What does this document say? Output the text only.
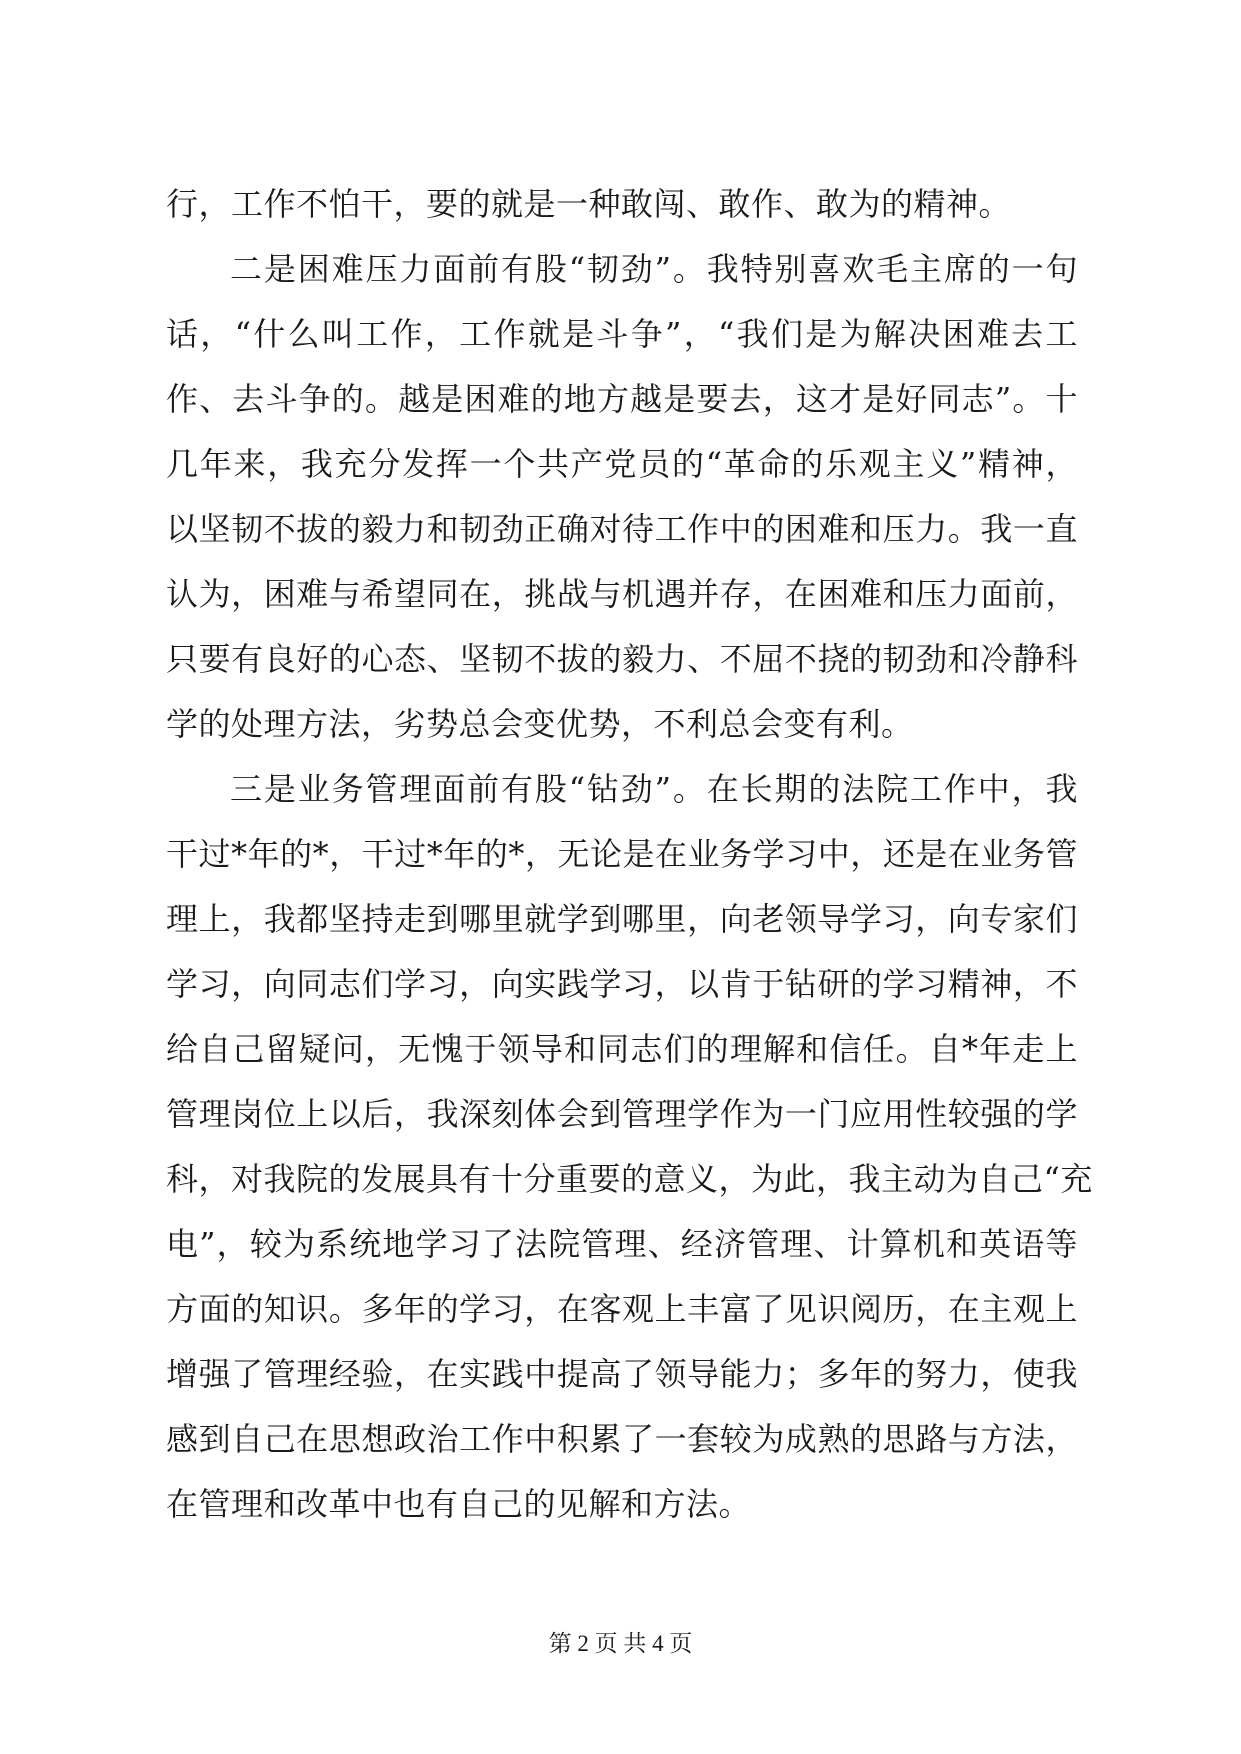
行，工作不怕干，要的就是一种敢闯、敢作、敢为的精神。
二是困难压力面前有股“韧劲”。我特别喜欢毛主席的一句
话，“什么叫工作，工作就是斗争”，“我们是为解决困难去工
作、去斗争的。越是困难的地方越是要去，这才是好同志”。十
几年来，我充分发挥一个共产党员的“革命的乐观主义”精神，
以坚韧不拔的毅力和韧劲正确对待工作中的困难和压力。我一直
认为，困难与希望同在，挑战与机遇并存，在困难和压力面前，
只要有良好的心态、坚韧不拔的毅力、不屈不挠的韧劲和冷静科
学的处理方法，劣势总会变优势，不利总会变有利。
三是业务管理面前有股“钻劲”。在长期的法院工作中，我
干过*年的*，干过*年的*，无论是在业务学习中，还是在业务管
理上，我都坚持走到哪里就学到哪里，向老领导学习，向专家们
学习，向同志们学习，向实践学习，以肯于钻研的学习精神，不
给自己留疑问，无愧于领导和同志们的理解和信任。自*年走上
管理岗位上以后，我深刻体会到管理学作为一门应用性较强的学
科，对我院的发展具有十分重要的意义，为此，我主动为自己“充
电”，较为系统地学习了法院管理、经济管理、计算机和英语等
方面的知识。多年的学习，在客观上丰富了见识阅历，在主观上
增强了管理经验，在实践中提高了领导能力；多年的努力，使我
感到自己在思想政治工作中积累了一套较为成熟的思路与方法，
在管理和改革中也有自己的见解和方法。
第 2 页 共 4 页
